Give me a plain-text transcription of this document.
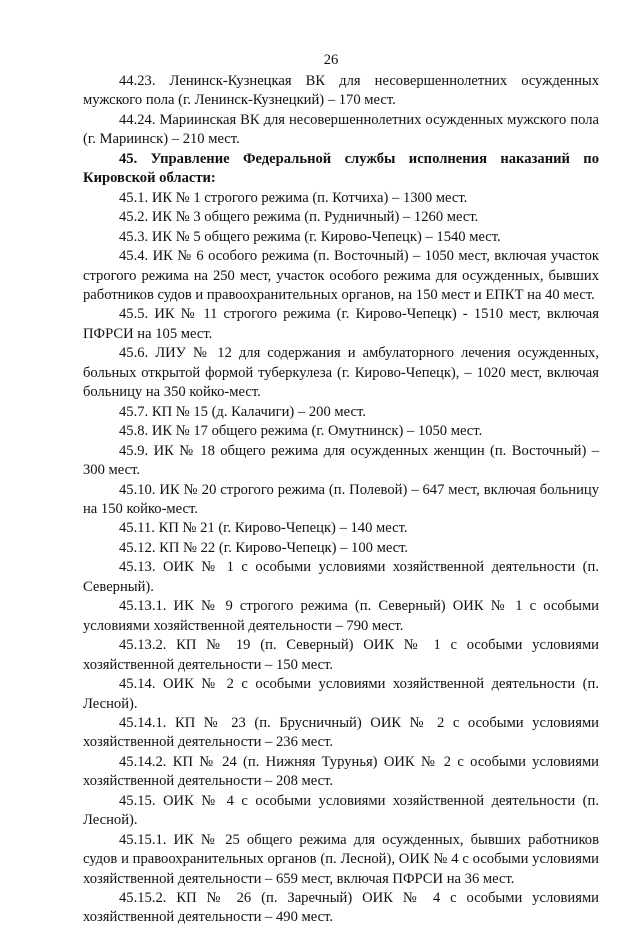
26

44.23. Ленинск-Кузнецкая ВК для несовершеннолетних осужденных мужского пола (г. Ленинск-Кузнецкий) – 170 мест.

44.24. Мариинская ВК для несовершеннолетних осужденных мужского пола (г. Мариинск) – 210 мест.

45. Управление Федеральной службы исполнения наказаний по Кировской области:

45.1. ИК № 1 строгого режима (п. Котчиха) – 1300 мест.

45.2. ИК № 3 общего режима (п. Рудничный) – 1260 мест.

45.3. ИК № 5 общего режима (г. Кирово-Чепецк) – 1540 мест.

45.4. ИК № 6 особого режима (п. Восточный) – 1050 мест, включая участок строгого режима на 250 мест, участок особого режима для осужденных, бывших работников судов и правоохранительных органов, на 150 мест и ЕПКТ на 40 мест.

45.5. ИК № 11 строгого режима (г. Кирово-Чепецк) - 1510 мест, включая ПФРСИ на 105 мест.

45.6. ЛИУ № 12 для содержания и амбулаторного лечения осужденных, больных открытой формой туберкулеза (г. Кирово-Чепецк), – 1020 мест, включая больницу на 350 койко-мест.

45.7. КП № 15 (д. Калачиги) – 200 мест.

45.8. ИК № 17 общего режима (г. Омутнинск) – 1050 мест.

45.9. ИК № 18 общего режима для осужденных женщин (п. Восточный) – 300 мест.

45.10. ИК № 20 строгого режима (п. Полевой) – 647 мест, включая больницу на 150 койко-мест.

45.11. КП № 21 (г. Кирово-Чепецк) – 140 мест.

45.12. КП № 22 (г. Кирово-Чепецк) – 100 мест.

45.13. ОИК № 1 с особыми условиями хозяйственной деятельности (п. Северный).

45.13.1. ИК № 9 строгого режима (п. Северный) ОИК № 1 с особыми условиями хозяйственной деятельности – 790 мест.

45.13.2. КП № 19 (п. Северный) ОИК № 1 с особыми условиями хозяйственной деятельности – 150 мест.

45.14. ОИК № 2 с особыми условиями хозяйственной деятельности (п. Лесной).

45.14.1. КП № 23 (п. Брусничный) ОИК № 2 с особыми условиями хозяйственной деятельности – 236 мест.

45.14.2. КП № 24 (п. Нижняя Турунья) ОИК № 2 с особыми условиями хозяйственной деятельности – 208 мест.

45.15. ОИК № 4 с особыми условиями хозяйственной деятельности (п. Лесной).

45.15.1. ИК № 25 общего режима для осужденных, бывших работников судов и правоохранительных органов (п. Лесной), ОИК № 4 с особыми условиями хозяйственной деятельности – 659 мест, включая ПФРСИ на 36 мест.

45.15.2. КП № 26 (п. Заречный) ОИК № 4 с особыми условиями хозяйственной деятельности – 490 мест.
